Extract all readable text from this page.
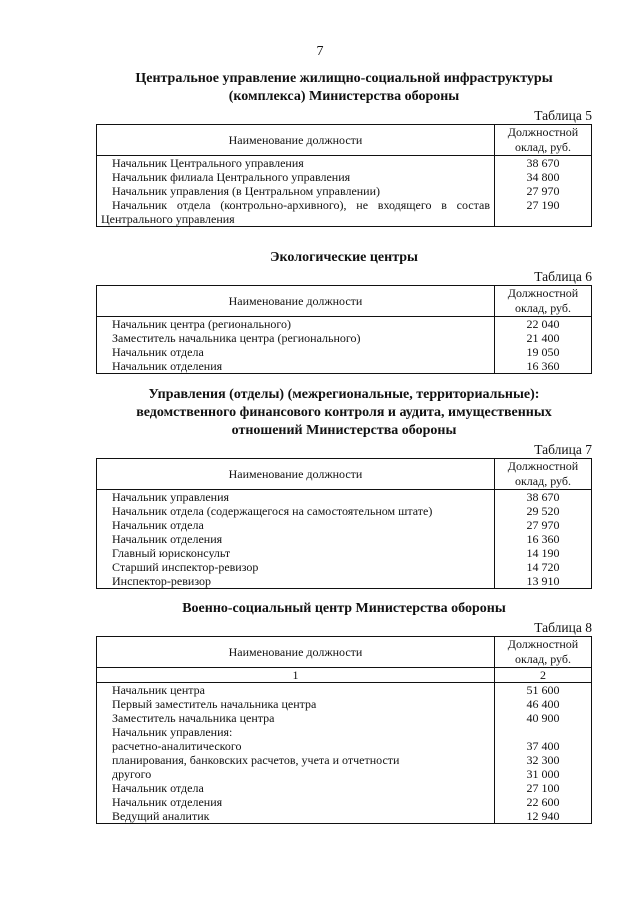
7
Центральное управление жилищно-социальной инфраструктуры
(комплекса) Министерства обороны
Таблица 5
Наименование должности	Должностной
оклад, руб.
Начальник Центрального управления	38 670
Начальник филиала Центрального управления	34 800
Начальник управления (в Центральном управлении)	27 970

Начальник отдела (контрольно-архивного), не входящего в состав
Центрального управления	27 190
Экологические центры
Таблица 6
Наименование должности	Должностной
оклад, руб.
Начальник центра (регионального)	22 040
Заместитель начальника центра (регионального)	21 400
Начальник отдела	19 050
Начальник отделения	16 360
Управления (отделы) (межрегиональные, территориальные):
ведомственного финансового контроля и аудита, имущественных
отношений Министерства обороны
Таблица 7
Наименование должности	Должностной
оклад, руб.
Начальник управления	38 670
Начальник отдела (содержащегося на самостоятельном штате)	29 520
Начальник отдела	27 970
Начальник отделения	16 360
Главный юрисконсульт	14 190
Старший инспектор-ревизор	14 720
Инспектор-ревизор	13 910
Военно-социальный центр Министерства обороны
Таблица 8
Наименование должности	Должностной
оклад, руб.
1	2
Начальник центра	51 600
Первый заместитель начальника центра	46 400
Заместитель начальника центра	40 900
Начальник управления:	
расчетно-аналитического	37 400
планирования, банковских расчетов, учета и отчетности	32 300
другого	31 000
Начальник отдела	27 100
Начальник отделения	22 600
Ведущий аналитик	12 940
